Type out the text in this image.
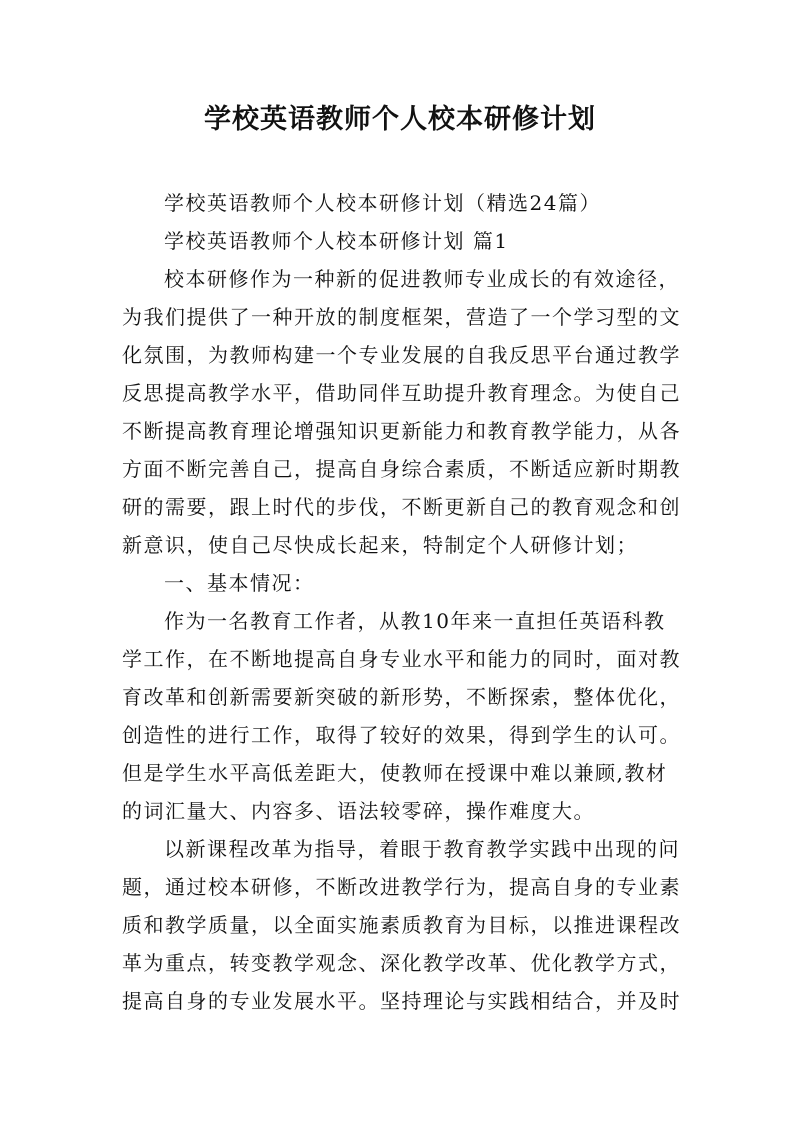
学校英语教师个人校本研修计划
学校英语教师个人校本研修计划（精选24篇）
学校英语教师个人校本研修计划 篇1
校本研修作为一种新的促进教师专业成长的有效途径，
为我们提供了一种开放的制度框架，营造了一个学习型的文
化氛围，为教师构建一个专业发展的自我反思平台通过教学
反思提高教学水平，借助同伴互助提升教育理念。为使自己
不断提高教育理论增强知识更新能力和教育教学能力，从各
方面不断完善自己，提高自身综合素质，不断适应新时期教
研的需要，跟上时代的步伐，不断更新自己的教育观念和创
新意识，使自己尽快成长起来，特制定个人研修计划；
一、基本情况：
作为一名教育工作者，从教10年来一直担任英语科教
学工作，在不断地提高自身专业水平和能力的同时，面对教
育改革和创新需要新突破的新形势，不断探索，整体优化，
创造性的进行工作，取得了较好的效果，得到学生的认可。
但是学生水平高低差距大，使教师在授课中难以兼顾,教材
的词汇量大、内容多、语法较零碎，操作难度大。
以新课程改革为指导，着眼于教育教学实践中出现的问
题，通过校本研修，不断改进教学行为，提高自身的专业素
质和教学质量，以全面实施素质教育为目标，以推进课程改
革为重点，转变教学观念、深化教学改革、优化教学方式，
提高自身的专业发展水平。坚持理论与实践相结合，并及时
